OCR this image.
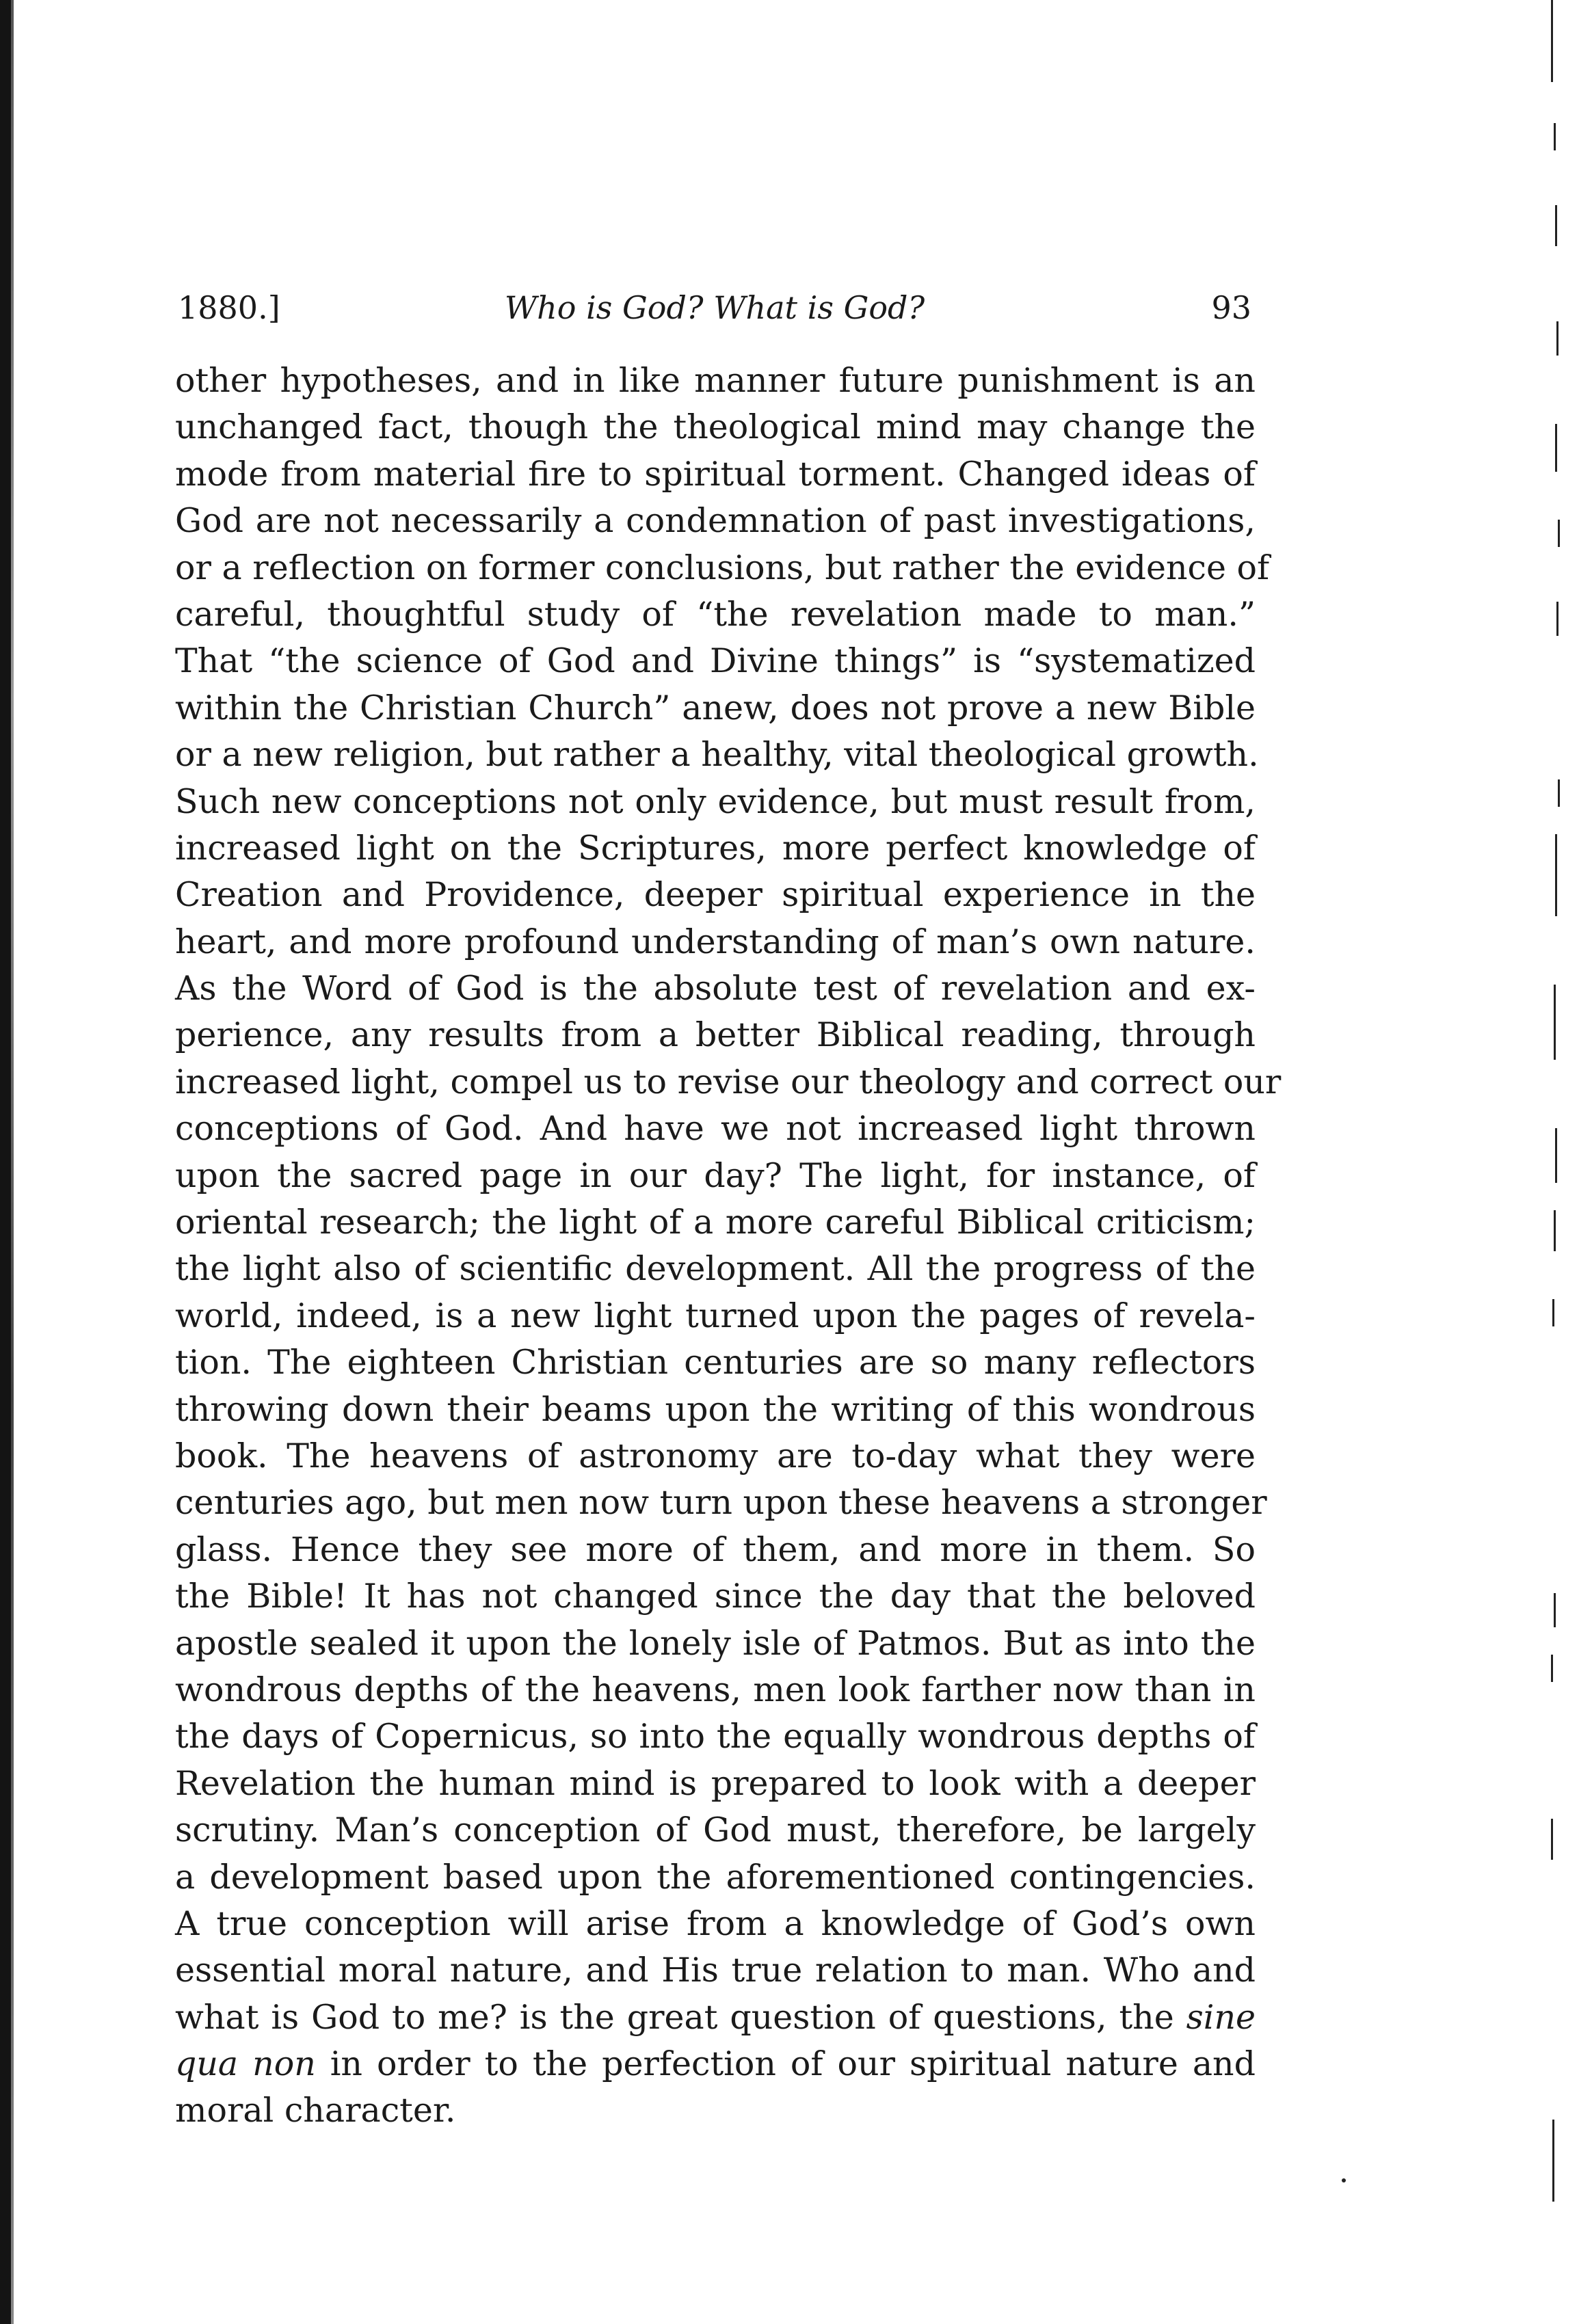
1880.]	Who is God? What is God?	93
other hypotheses, and in like manner future punishment is an
unchanged fact, though the theological mind may change the
mode from material fire to spiritual torment. Changed ideas of
God are not necessarily a condemnation of past investigations,
or a reflection on former conclusions, but rather the evidence of
careful, thoughtful study of “the revelation made to man.”
That “the science of God and Divine things” is “systematized
within the Christian Church” anew, does not prove a new Bible
or a new religion, but rather a healthy, vital theological growth.
Such new conceptions not only evidence, but must result from,
increased light on the Scriptures, more perfect knowledge of
Creation and Providence, deeper spiritual experience in the
heart, and more profound understanding of man’s own nature.
As the Word of God is the absolute test of revelation and ex-
perience, any results from a better Biblical reading, through
increased light, compel us to revise our theology and correct our
conceptions of God. And have we not increased light thrown
upon the sacred page in our day? The light, for instance, of
oriental research; the light of a more careful Biblical criticism;
the light also of scientific development. All the progress of the
world, indeed, is a new light turned upon the pages of revela-
tion. The eighteen Christian centuries are so many reflectors
throwing down their beams upon the writing of this wondrous
book. The heavens of astronomy are to-day what they were
centuries ago, but men now turn upon these heavens a stronger
glass. Hence they see more of them, and more in them. So
the Bible! It has not changed since the day that the beloved
apostle sealed it upon the lonely isle of Patmos. But as into the
wondrous depths of the heavens, men look farther now than in
the days of Copernicus, so into the equally wondrous depths of
Revelation the human mind is prepared to look with a deeper
scrutiny. Man’s conception of God must, therefore, be largely
a development based upon the aforementioned contingencies.
A true conception will arise from a knowledge of God’s own
essential moral nature, and His true relation to man. Who and
what is God to me? is the great question of questions, the sine
qua non in order to the perfection of our spiritual nature and
moral character.
